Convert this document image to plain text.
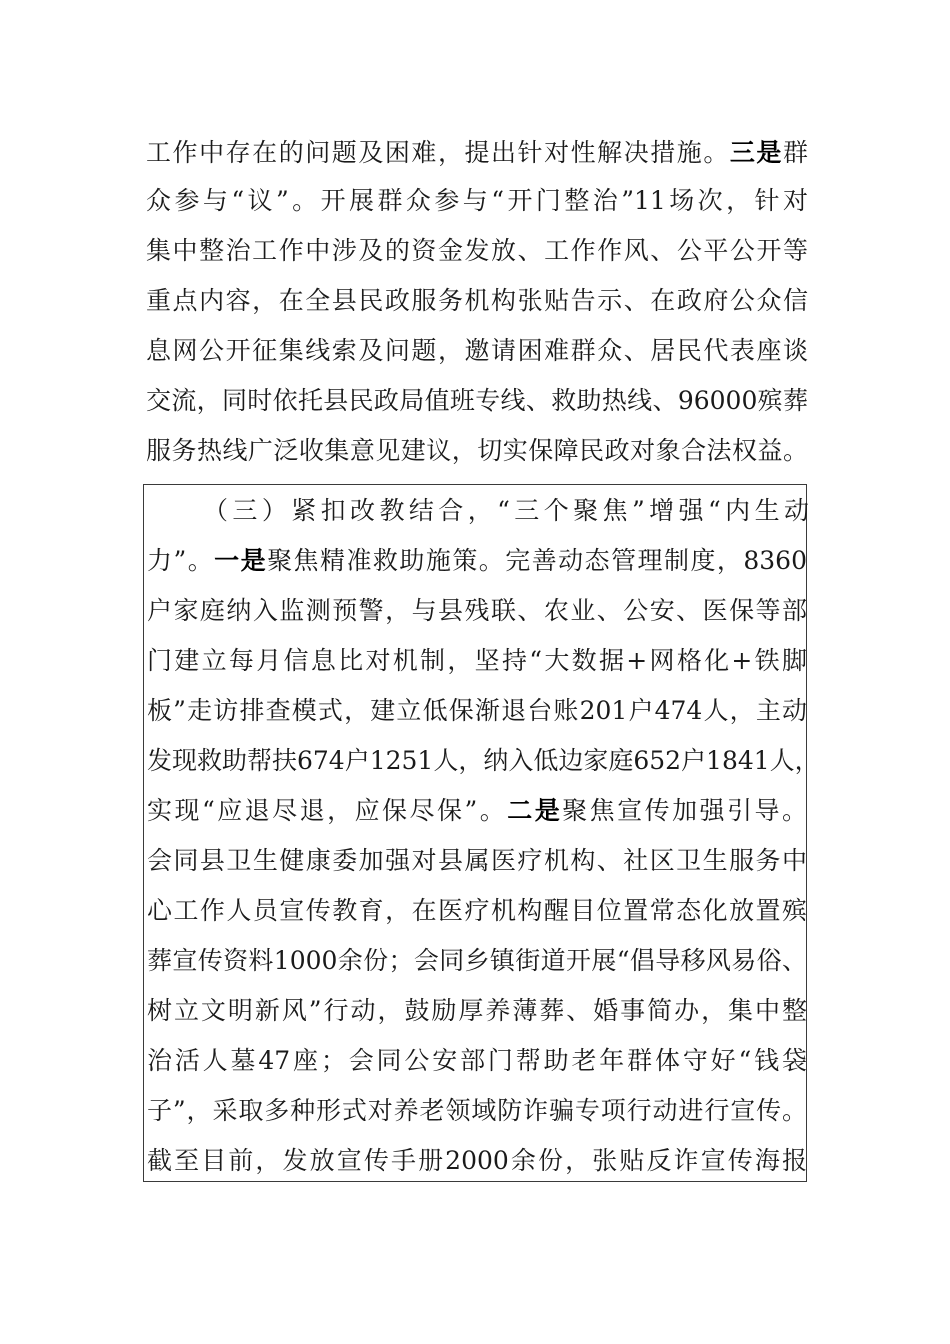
工作中存在的问题及困难，提出针对性解决措施。三是群
众参与“议”。开展群众参与“开门整治”11场次，针对
集中整治工作中涉及的资金发放、工作作风、公平公开等
重点内容，在全县民政服务机构张贴告示、在政府公众信
息网公开征集线索及问题，邀请困难群众、居民代表座谈
交流，同时依托县民政局值班专线、救助热线、96000殡葬
服务热线广泛收集意见建议，切实保障民政对象合法权益。
（三）紧扣改教结合，“三个聚焦”增强“内生动
力”。一是聚焦精准救助施策。完善动态管理制度，8360
户家庭纳入监测预警，与县残联、农业、公安、医保等部
门建立每月信息比对机制，坚持“大数据+网格化+铁脚
板”走访排查模式，建立低保渐退台账201户474人，主动
发现救助帮扶674户1251人，纳入低边家庭652户1841人，
实现“应退尽退，应保尽保”。二是聚焦宣传加强引导。
会同县卫生健康委加强对县属医疗机构、社区卫生服务中
心工作人员宣传教育，在医疗机构醒目位置常态化放置殡
葬宣传资料1000余份；会同乡镇街道开展“倡导移风易俗、
树立文明新风”行动，鼓励厚养薄葬、婚事简办，集中整
治活人墓47座；会同公安部门帮助老年群体守好“钱袋
子”，采取多种形式对养老领域防诈骗专项行动进行宣传。
截至目前，发放宣传手册2000余份，张贴反诈宣传海报
